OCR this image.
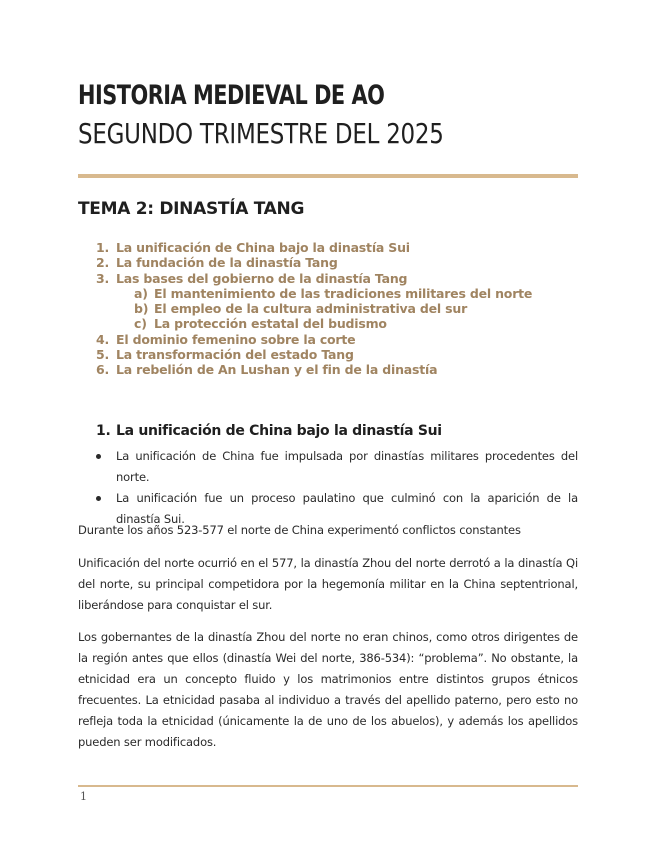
HISTORIA MEDIEVAL DE AO
SEGUNDO TRIMESTRE DEL 2025
TEMA 2: DINASTÍA TANG
1. La unificación de China bajo la dinastía Sui
2. La fundación de la dinastía Tang
3. Las bases del gobierno de la dinastía Tang
a) El mantenimiento de las tradiciones militares del norte
b) El empleo de la cultura administrativa del sur
c) La protección estatal del budismo
4. El dominio femenino sobre la corte
5. La transformación del estado Tang
6. La rebelión de An Lushan y el fin de la dinastía
1. La unificación de China bajo la dinastía Sui
La unificación de China fue impulsada por dinastías militares procedentes del norte.
La unificación fue un proceso paulatino que culminó con la aparición de la dinastía Sui.

Durante los años 523-577 el norte de China experimentó conflictos constantes

Unificación del norte ocurrió en el 577, la dinastía Zhou del norte derrotó a la dinastía Qi del norte, su principal competidora por la hegemonía militar en la China septentrional, liberándose para conquistar el sur.

Los gobernantes de la dinastía Zhou del norte no eran chinos, como otros dirigentes de la región antes que ellos (dinastía Wei del norte, 386-534): “problema”. No obstante, la etnicidad era un concepto fluido y los matrimonios entre distintos grupos étnicos frecuentes. La etnicidad pasaba al individuo a través del apellido paterno, pero esto no refleja toda la etnicidad (únicamente la de uno de los abuelos), y además los apellidos pueden ser modificados.

1
